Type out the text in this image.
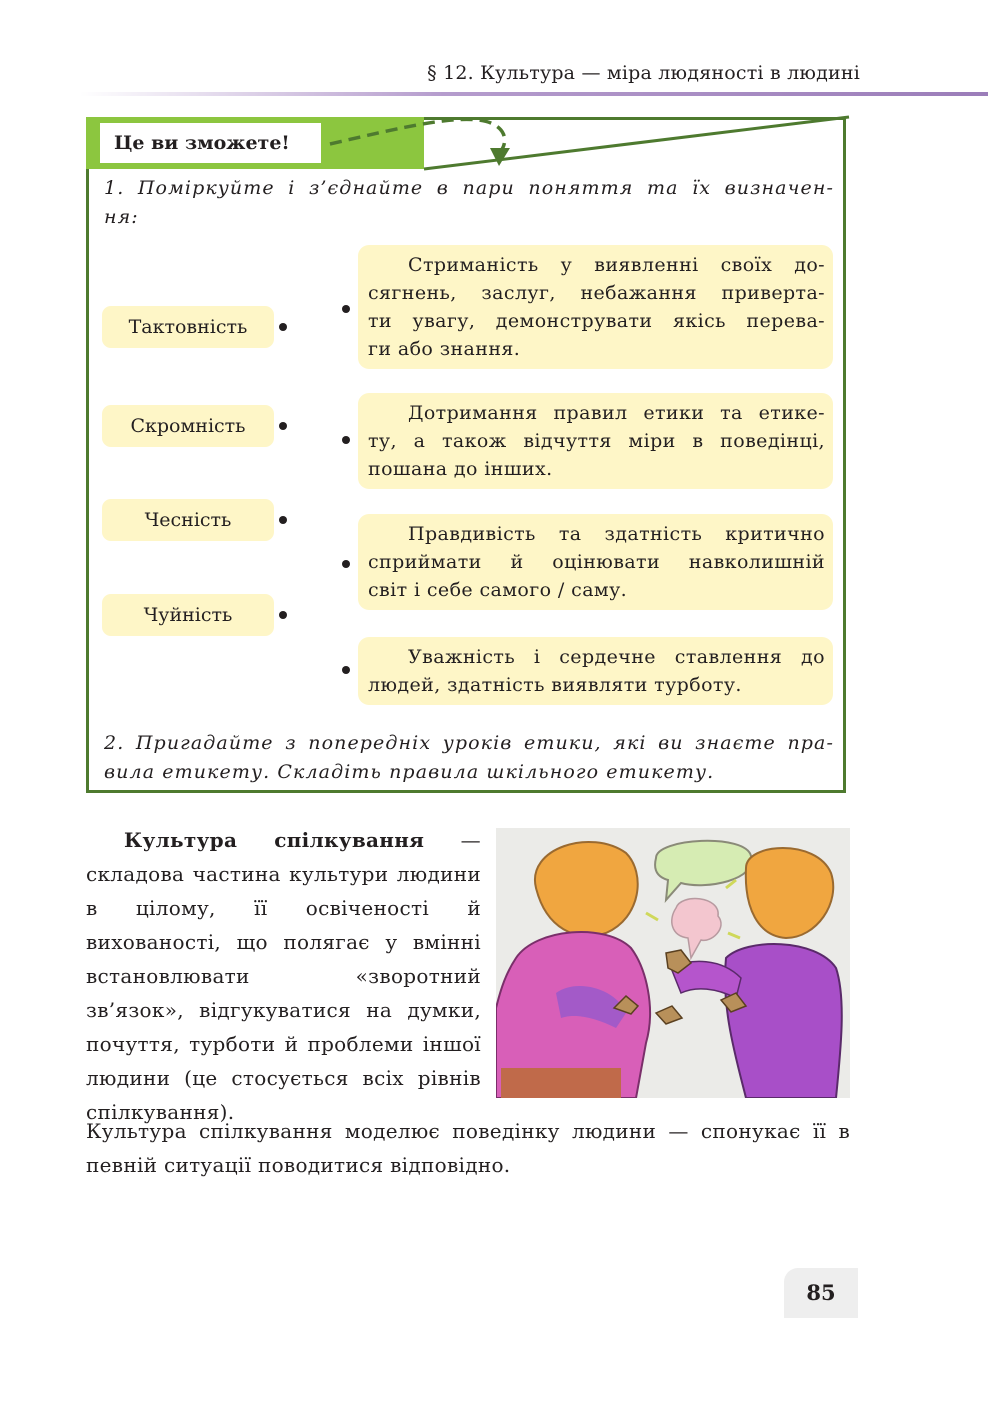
§ 12. Культура — міра людяності в людині
Це ви зможете!
1. Поміркуйте і з’єднайте в пари поняття та їх визначен-
ня:
Тактовність
Скромність
Чесність
Чуйність
Стриманість у виявленні своїх до-
сягнень, заслуг, небажання приверта-
ти увагу, демонструвати якісь перева-
ги або знання.
Дотримання правил етики та етике-
ту, а також відчуття міри в поведінці,
пошана до інших.
Правдивість та здатність критично
сприймати й оцінювати навколишній
світ і себе самого / саму.
Уважність і сердечне ставлення до
людей, здатність виявляти турботу.
2. Пригадайте з попередніх уроків етики, які ви знаєте пра-
вила етикету. Складіть правила шкільного етикету.
Культура спілкування — складова частина культури людини в цілому, її освіченості й вихованості, що полягає у вмінні встановлювати «зворотний зв’язок», відгукуватися на думки, почуття, турботи й проблеми іншої людини (це стосується всіх рівнів спілкування).
Культура спілкування моделює поведінку людини — спонукає її в певній ситуації поводитися відповідно.
85
